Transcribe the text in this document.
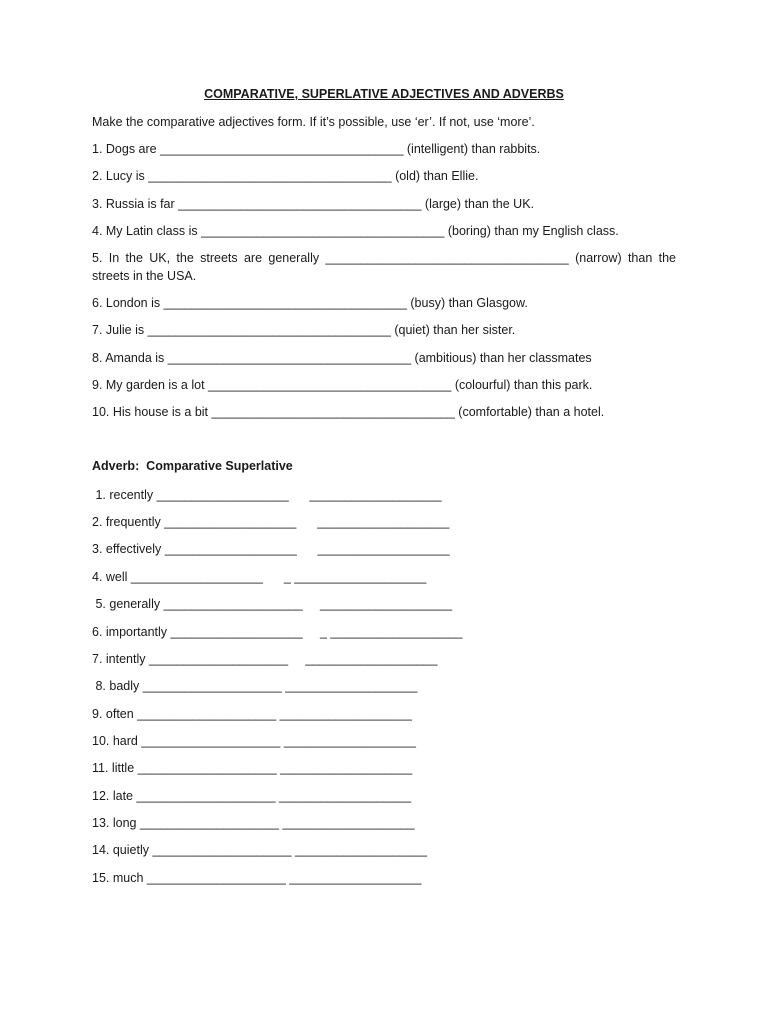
COMPARATIVE, SUPERLATIVE ADJECTIVES AND ADVERBS
Make the comparative adjectives form. If it’s possible, use ‘er’. If not, use ‘more’.
1. Dogs are ___________________________________ (intelligent) than rabbits.
2. Lucy is ___________________________________ (old) than Ellie.
3. Russia is far ___________________________________ (large) than the UK.
4. My Latin class is ___________________________________ (boring) than my English class.
5. In the UK, the streets are generally ___________________________________ (narrow) than the streets in the USA.
6. London is ___________________________________ (busy) than Glasgow.
7. Julie is ___________________________________ (quiet) than her sister.
8. Amanda is ___________________________________ (ambitious) than her classmates
9. My garden is a lot ___________________________________ (colourful) than this park.
10. His house is a bit ___________________________________ (comfortable) than a hotel.
Adverb:  Comparative Superlative
1. recently ___________________      ___________________
2. frequently ___________________      ___________________
3. effectively ___________________      ___________________
4. well ___________________      _ ___________________
5. generally ____________________     ___________________
6. importantly ___________________     _ ___________________
7. intently ____________________     ___________________
8. badly ____________________ ___________________
9. often ____________________ ___________________
10. hard ____________________ ___________________
11. little ____________________ ___________________
12. late ____________________ ___________________
13. long ____________________ ___________________
14. quietly ____________________ ___________________
15. much ____________________ ___________________
